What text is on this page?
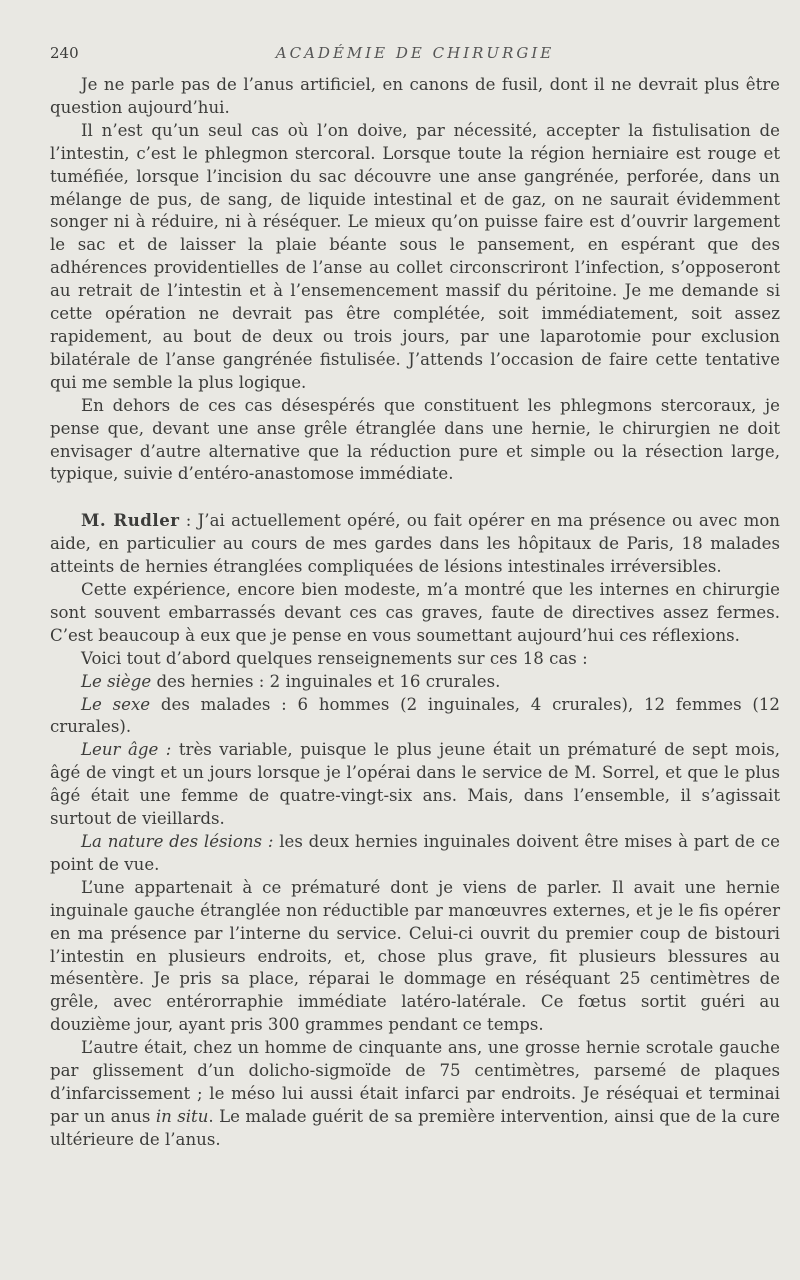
240	ACADÉMIE DE CHIRURGIE

Je ne parle pas de l’anus artificiel, en canons de fusil, dont il ne devrait plus être question aujourd’hui.

Il n’est qu’un seul cas où l’on doive, par nécessité, accepter la fistulisation de l’intestin, c’est le phlegmon stercoral. Lorsque toute la région herniaire est rouge et tuméfiée, lorsque l’incision du sac découvre une anse gangrénée, perforée, dans un mélange de pus, de sang, de liquide intestinal et de gaz, on ne saurait évidemment songer ni à réduire, ni à réséquer. Le mieux qu’on puisse faire est d’ouvrir largement le sac et de laisser la plaie béante sous le pansement, en espérant que des adhérences providentielles de l’anse au collet circonscriront l’infection, s’opposeront au retrait de l’intestin et à l’ensemencement massif du péritoine. Je me demande si cette opération ne devrait pas être complétée, soit immédiatement, soit assez rapidement, au bout de deux ou trois jours, par une laparotomie pour exclusion bilatérale de l’anse gangrénée fistulisée. J’attends l’occasion de faire cette tentative qui me semble la plus logique.

En dehors de ces cas désespérés que constituent les phlegmons stercoraux, je pense que, devant une anse grêle étranglée dans une hernie, le chirurgien ne doit envisager d’autre alternative que la réduction pure et simple ou la résection large, typique, suivie d’entéro-anastomose immédiate.

M. Rudler : J’ai actuellement opéré, ou fait opérer en ma présence ou avec mon aide, en particulier au cours de mes gardes dans les hôpitaux de Paris, 18 malades atteints de hernies étranglées compliquées de lésions intestinales irréversibles.

Cette expérience, encore bien modeste, m’a montré que les internes en chirurgie sont souvent embarrassés devant ces cas graves, faute de directives assez fermes. C’est beaucoup à eux que je pense en vous soumettant aujourd’hui ces réflexions.

Voici tout d’abord quelques renseignements sur ces 18 cas :

Le siège des hernies : 2 inguinales et 16 crurales.

Le sexe des malades : 6 hommes (2 inguinales, 4 crurales), 12 femmes (12 crurales).

Leur âge : très variable, puisque le plus jeune était un prématuré de sept mois, âgé de vingt et un jours lorsque je l’opérai dans le service de M. Sorrel, et que le plus âgé était une femme de quatre-vingt-six ans. Mais, dans l’ensemble, il s’agissait surtout de vieillards.

La nature des lésions : les deux hernies inguinales doivent être mises à part de ce point de vue.

L’une appartenait à ce prématuré dont je viens de parler. Il avait une hernie inguinale gauche étranglée non réductible par manœuvres externes, et je le fis opérer en ma présence par l’interne du service. Celui-ci ouvrit du premier coup de bistouri l’intestin en plusieurs endroits, et, chose plus grave, fit plusieurs blessures au mésentère. Je pris sa place, réparai le dommage en réséquant 25 centimètres de grêle, avec entérorraphie immédiate latéro-latérale. Ce fœtus sortit guéri au douzième jour, ayant pris 300 grammes pendant ce temps.

L’autre était, chez un homme de cinquante ans, une grosse hernie scrotale gauche par glissement d’un dolicho-sigmoïde de 75 centimètres, parsemé de plaques d’infarcissement ; le méso lui aussi était infarci par endroits. Je réséquai et terminai par un anus in situ. Le malade guérit de sa première intervention, ainsi que de la cure ultérieure de l’anus.
